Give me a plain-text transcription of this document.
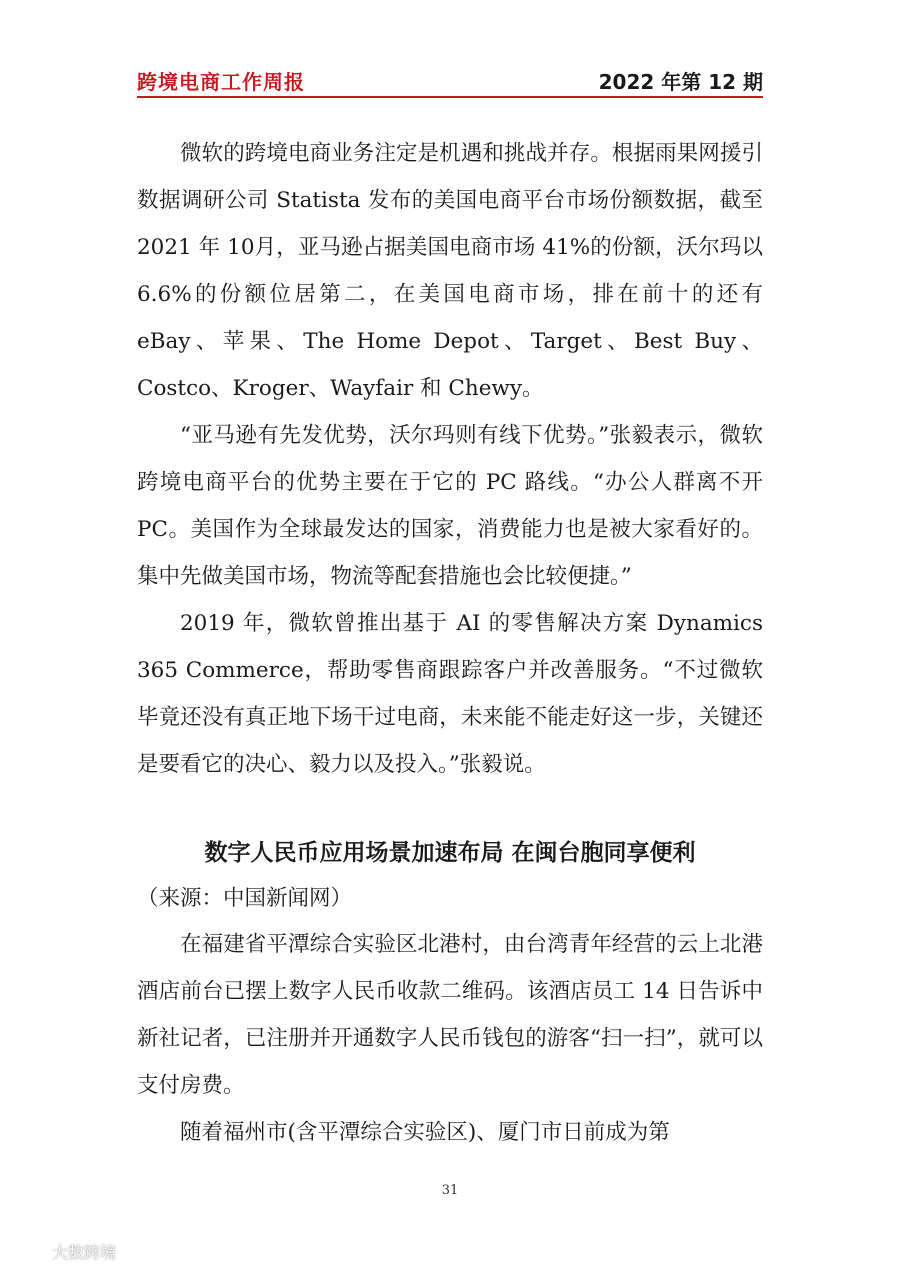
跨境电商工作周报	2022 年第 12 期

微软的跨境电商业务注定是机遇和挑战并存。根据雨果网援引数据调研公司 Statista 发布的美国电商平台市场份额数据，截至 2021 年 10月，亚马逊占据美国电商市场 41%的份额，沃尔玛以 6.6%的份额位居第二，在美国电商市场，排在前十的还有 eBay、苹果、The Home Depot、Target、Best Buy、Costco、Kroger、Wayfair 和 Chewy。

“亚马逊有先发优势，沃尔玛则有线下优势。”张毅表示，微软跨境电商平台的优势主要在于它的 PC 路线。“办公人群离不开 PC。美国作为全球最发达的国家，消费能力也是被大家看好的。集中先做美国市场，物流等配套措施也会比较便捷。”

2019 年，微软曾推出基于 AI 的零售解决方案 Dynamics 365 Commerce，帮助零售商跟踪客户并改善服务。“不过微软毕竟还没有真正地下场干过电商，未来能不能走好这一步，关键还是要看它的决心、毅力以及投入。”张毅说。

数字人民币应用场景加速布局 在闽台胞同享便利

（来源：中国新闻网）

在福建省平潭综合实验区北港村，由台湾青年经营的云上北港酒店前台已摆上数字人民币收款二维码。该酒店员工 14 日告诉中新社记者，已注册并开通数字人民币钱包的游客“扫一扫”，就可以支付房费。

随着福州市(含平潭综合实验区)、厦门市日前成为第

31
大数跨境
